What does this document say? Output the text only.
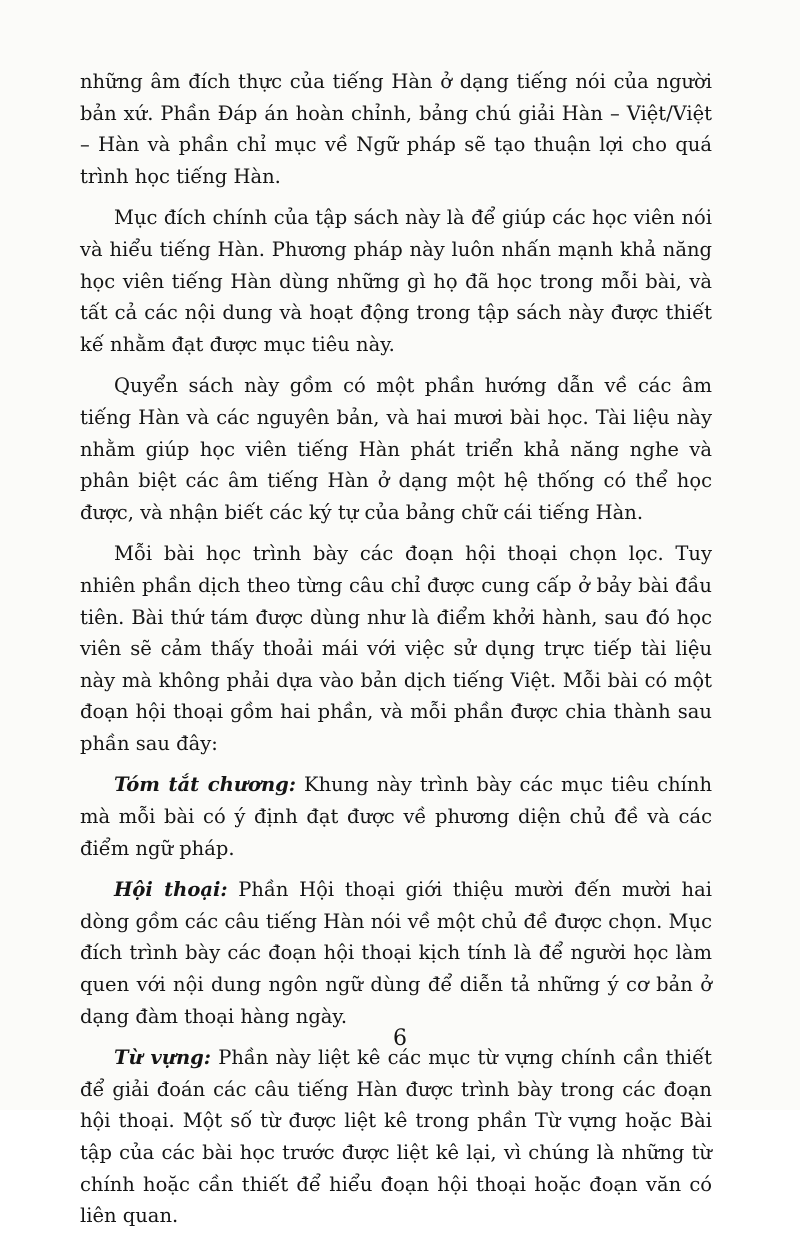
những âm đích thực của tiếng Hàn ở dạng tiếng nói của người bản xứ. Phần Đáp án hoàn chỉnh, bảng chú giải Hàn – Việt/Việt – Hàn và phần chỉ mục về Ngữ pháp sẽ tạo thuận lợi cho quá trình học tiếng Hàn.

Mục đích chính của tập sách này là để giúp các học viên nói và hiểu tiếng Hàn. Phương pháp này luôn nhấn mạnh khả năng học viên tiếng Hàn dùng những gì họ đã học trong mỗi bài, và tất cả các nội dung và hoạt động trong tập sách này được thiết kế nhằm đạt được mục tiêu này.

Quyển sách này gồm có một phần hướng dẫn về các âm tiếng Hàn và các nguyên bản, và hai mươi bài học. Tài liệu này nhằm giúp học viên tiếng Hàn phát triển khả năng nghe và phân biệt các âm tiếng Hàn ở dạng một hệ thống có thể học được, và nhận biết các ký tự của bảng chữ cái tiếng Hàn.

Mỗi bài học trình bày các đoạn hội thoại chọn lọc. Tuy nhiên phần dịch theo từng câu chỉ được cung cấp ở bảy bài đầu tiên. Bài thứ tám được dùng như là điểm khởi hành, sau đó học viên sẽ cảm thấy thoải mái với việc sử dụng trực tiếp tài liệu này mà không phải dựa vào bản dịch tiếng Việt. Mỗi bài có một đoạn hội thoại gồm hai phần, và mỗi phần được chia thành sau phần sau đây:

Tóm tắt chương: Khung này trình bày các mục tiêu chính mà mỗi bài có ý định đạt được về phương diện chủ đề và các điểm ngữ pháp.

Hội thoại: Phần Hội thoại giới thiệu mười đến mười hai dòng gồm các câu tiếng Hàn nói về một chủ đề được chọn. Mục đích trình bày các đoạn hội thoại kịch tính là để người học làm quen với nội dung ngôn ngữ dùng để diễn tả những ý cơ bản ở dạng đàm thoại hàng ngày.

Từ vựng: Phần này liệt kê các mục từ vựng chính cần thiết để giải đoán các câu tiếng Hàn được trình bày trong các đoạn hội thoại. Một số từ được liệt kê trong phần Từ vựng hoặc Bài tập của các bài học trước được liệt kê lại, vì chúng là những từ chính hoặc cần thiết để hiểu đoạn hội thoại hoặc đoạn văn có liên quan.

6
